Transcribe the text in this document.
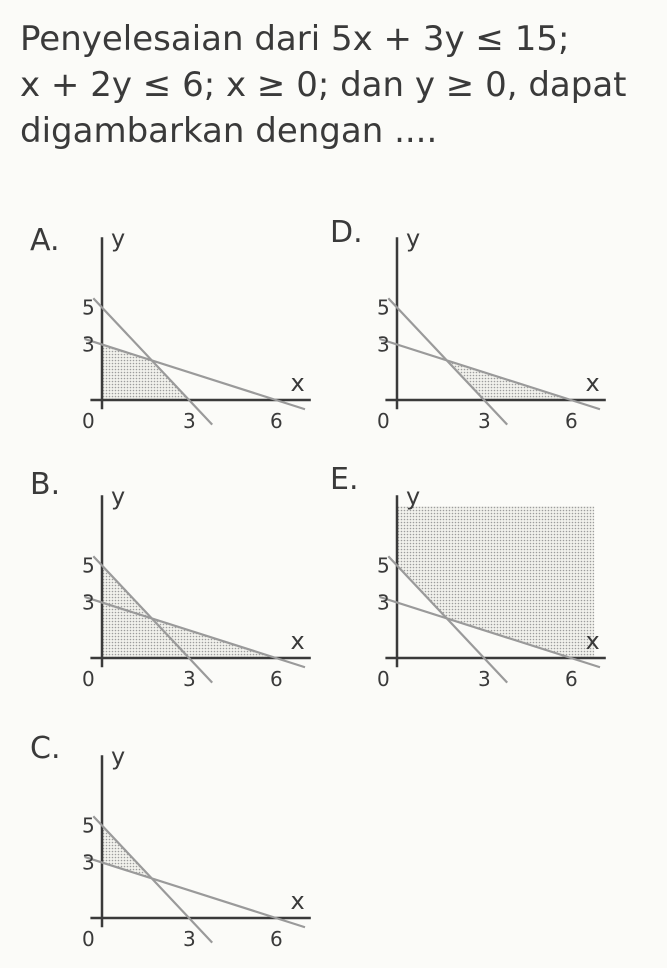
Penyelesaian dari 5x + 3y ≤ 15;
x + 2y ≤ 6; x ≥ 0; dan y ≥ 0, dapat
digambarkan dengan ....
A. y
x
0
5
3
3	6
D. y
x
0
5
3
3	6
B. y
x
0
5
3
3	6
E. y
x
0
5
3
3	6
C. y
x
0
5
3
3	6
